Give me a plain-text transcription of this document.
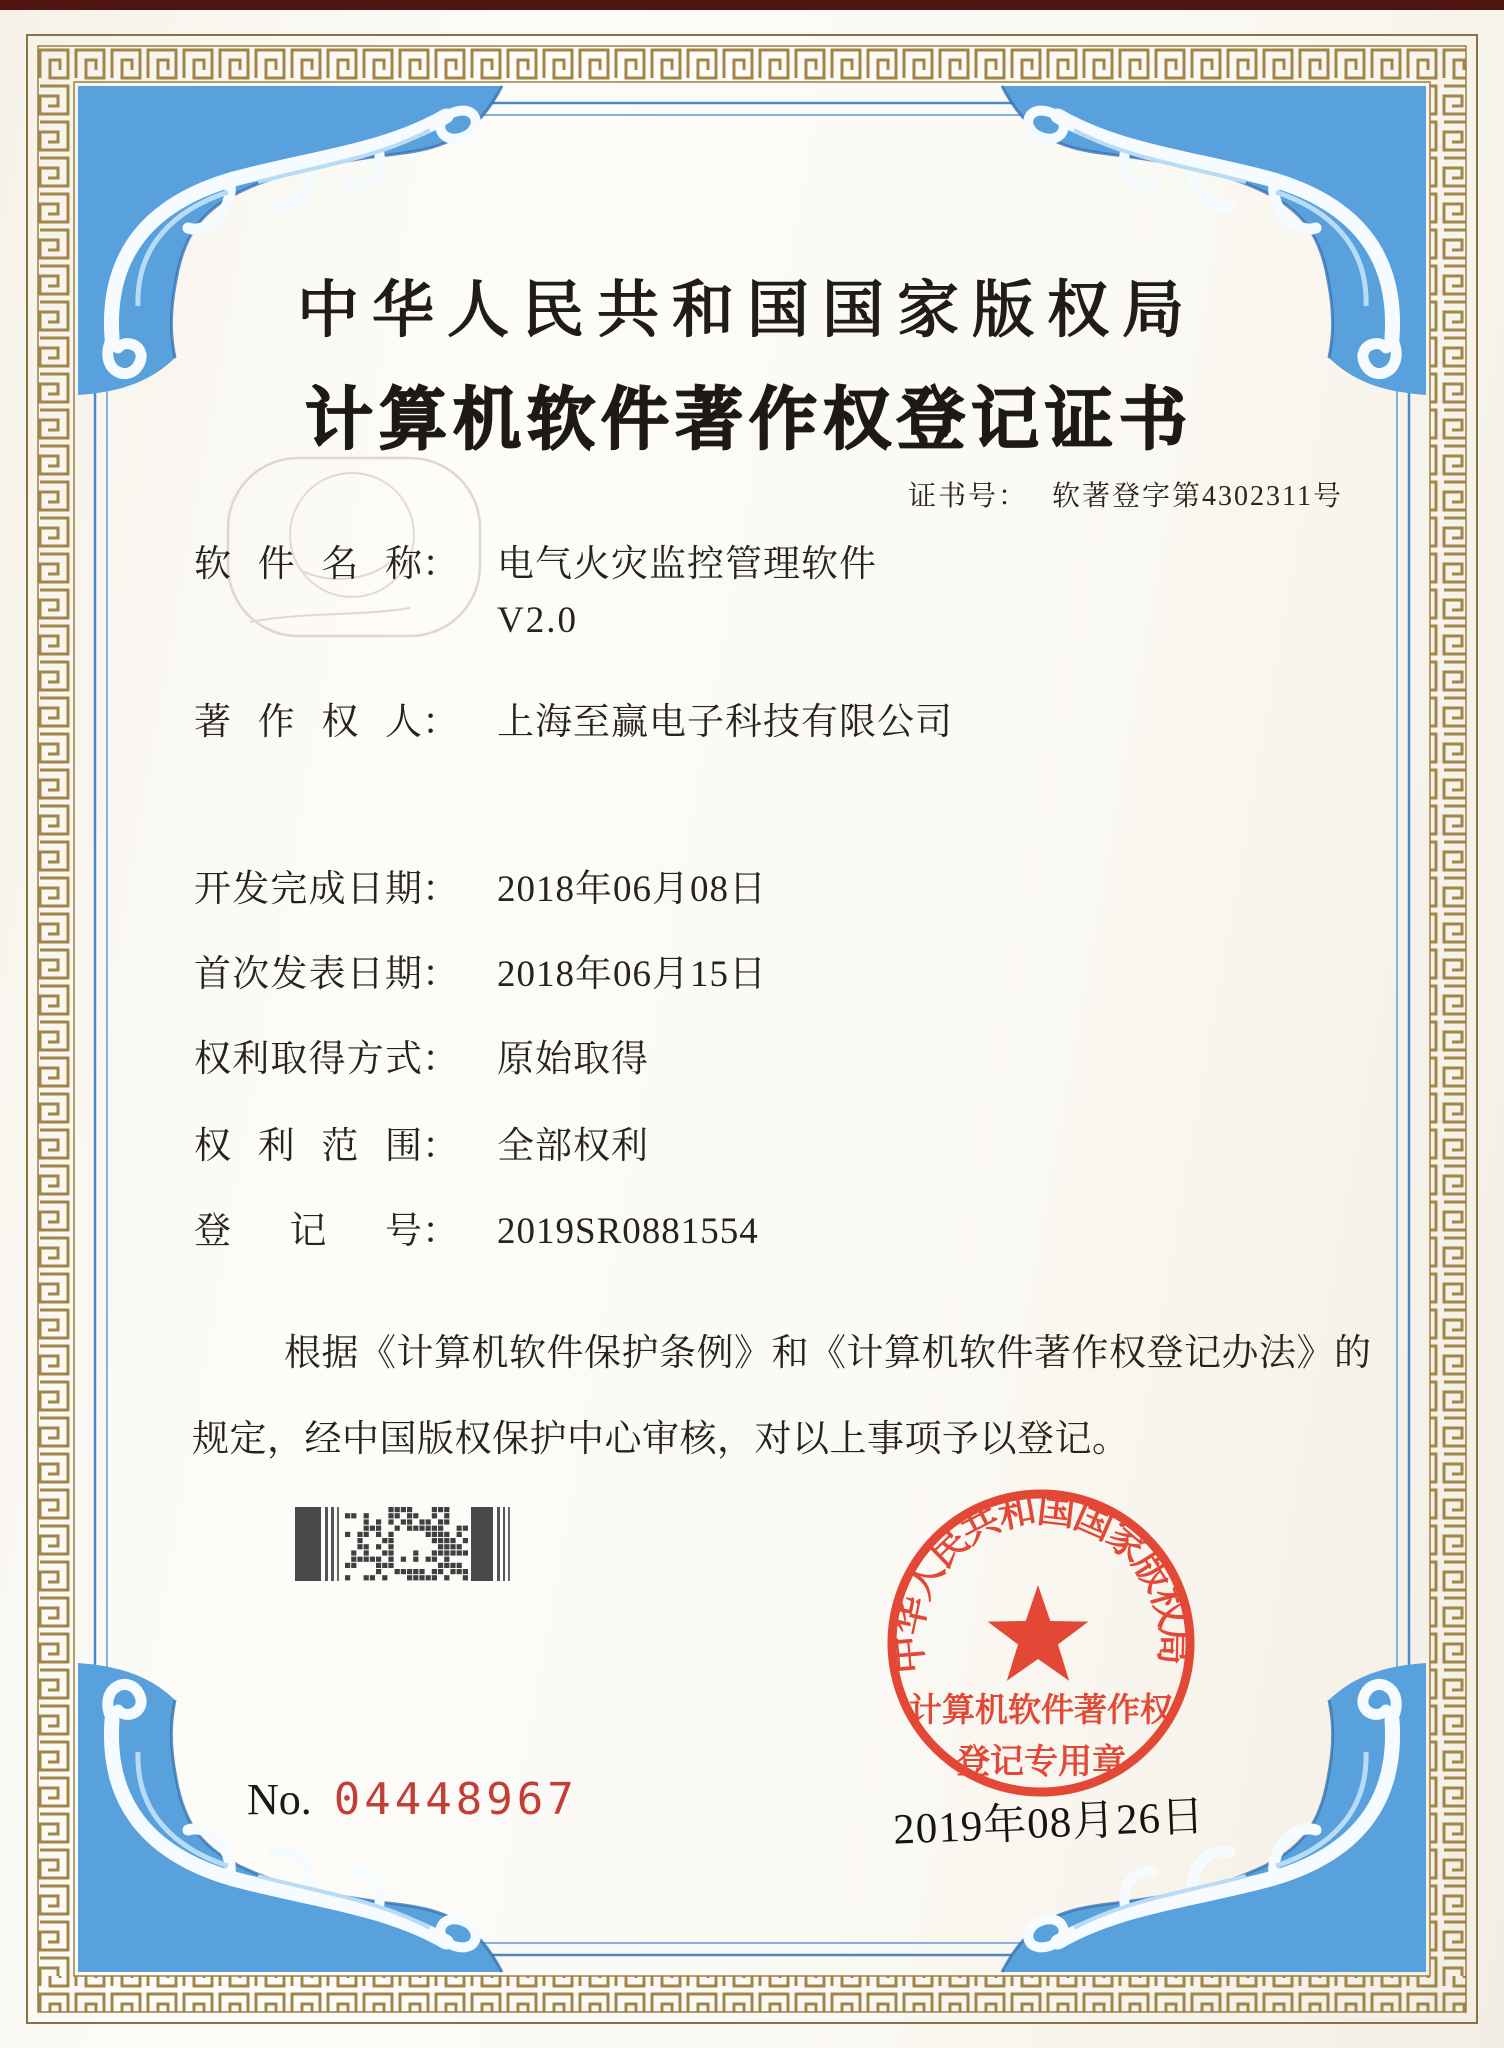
中华人民共和国国家版权局
计算机软件著作权登记证书
证书号： 软著登字第4302311号
软件名称 ： 电气火灾监控管理软件
V2.0
著作权人 ： 上海至赢电子科技有限公司
开发完成日期 ： 2018年06月08日
首次发表日期 ： 2018年06月15日
权利取得方式 ： 原始取得
权利范围 ： 全部权利
登记号 ： 2019SR0881554
根据《计算机软件保护条例》和《计算机软件著作权登记办法》的
规定，经中国版权保护中心审核，对以上事项予以登记。
中华人民共和国国家版权局
计算机软件著作权
登记专用章
2019年08月26日
No. 04448967
